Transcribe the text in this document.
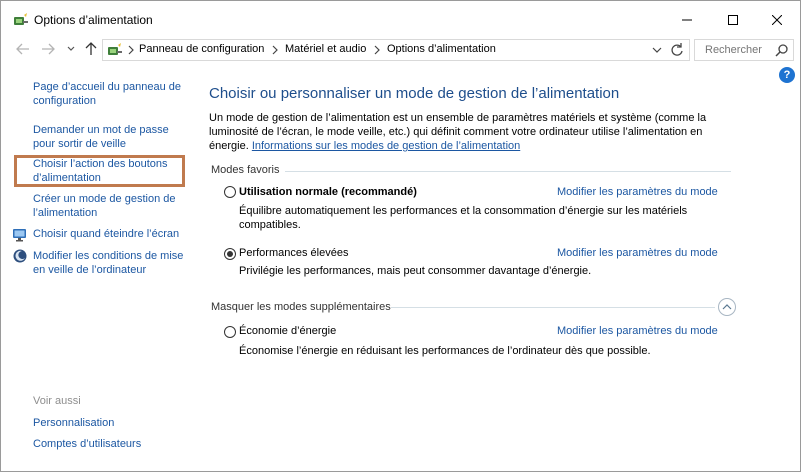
Options d’alimentation
Panneau de configuration Matériel et audio Options d’alimentation
Rechercher
?
Page d’accueil du panneau de configuration
Demander un mot de passe pour sortir de veille
Choisir l’action des boutons d’alimentation
Créer un mode de gestion de l’alimentation
Choisir quand éteindre l’écran
Modifier les conditions de mise en veille de l’ordinateur
Voir aussi
Personnalisation
Comptes d’utilisateurs
Choisir ou personnaliser un mode de gestion de l’alimentation
Un mode de gestion de l’alimentation est un ensemble de paramètres matériels et système (comme la luminosité de l’écran, le mode veille, etc.) qui définit comment votre ordinateur utilise l’alimentation en énergie. Informations sur les modes de gestion de l’alimentation
Modes favoris
Utilisation normale (recommandé)	Modifier les paramètres du mode
Équilibre automatiquement les performances et la consommation d’énergie sur les matériels compatibles.
Performances élevées	Modifier les paramètres du mode
Privilégie les performances, mais peut consommer davantage d’énergie.
Masquer les modes supplémentaires
Économie d’énergie	Modifier les paramètres du mode
Économise l’énergie en réduisant les performances de l’ordinateur dès que possible.
